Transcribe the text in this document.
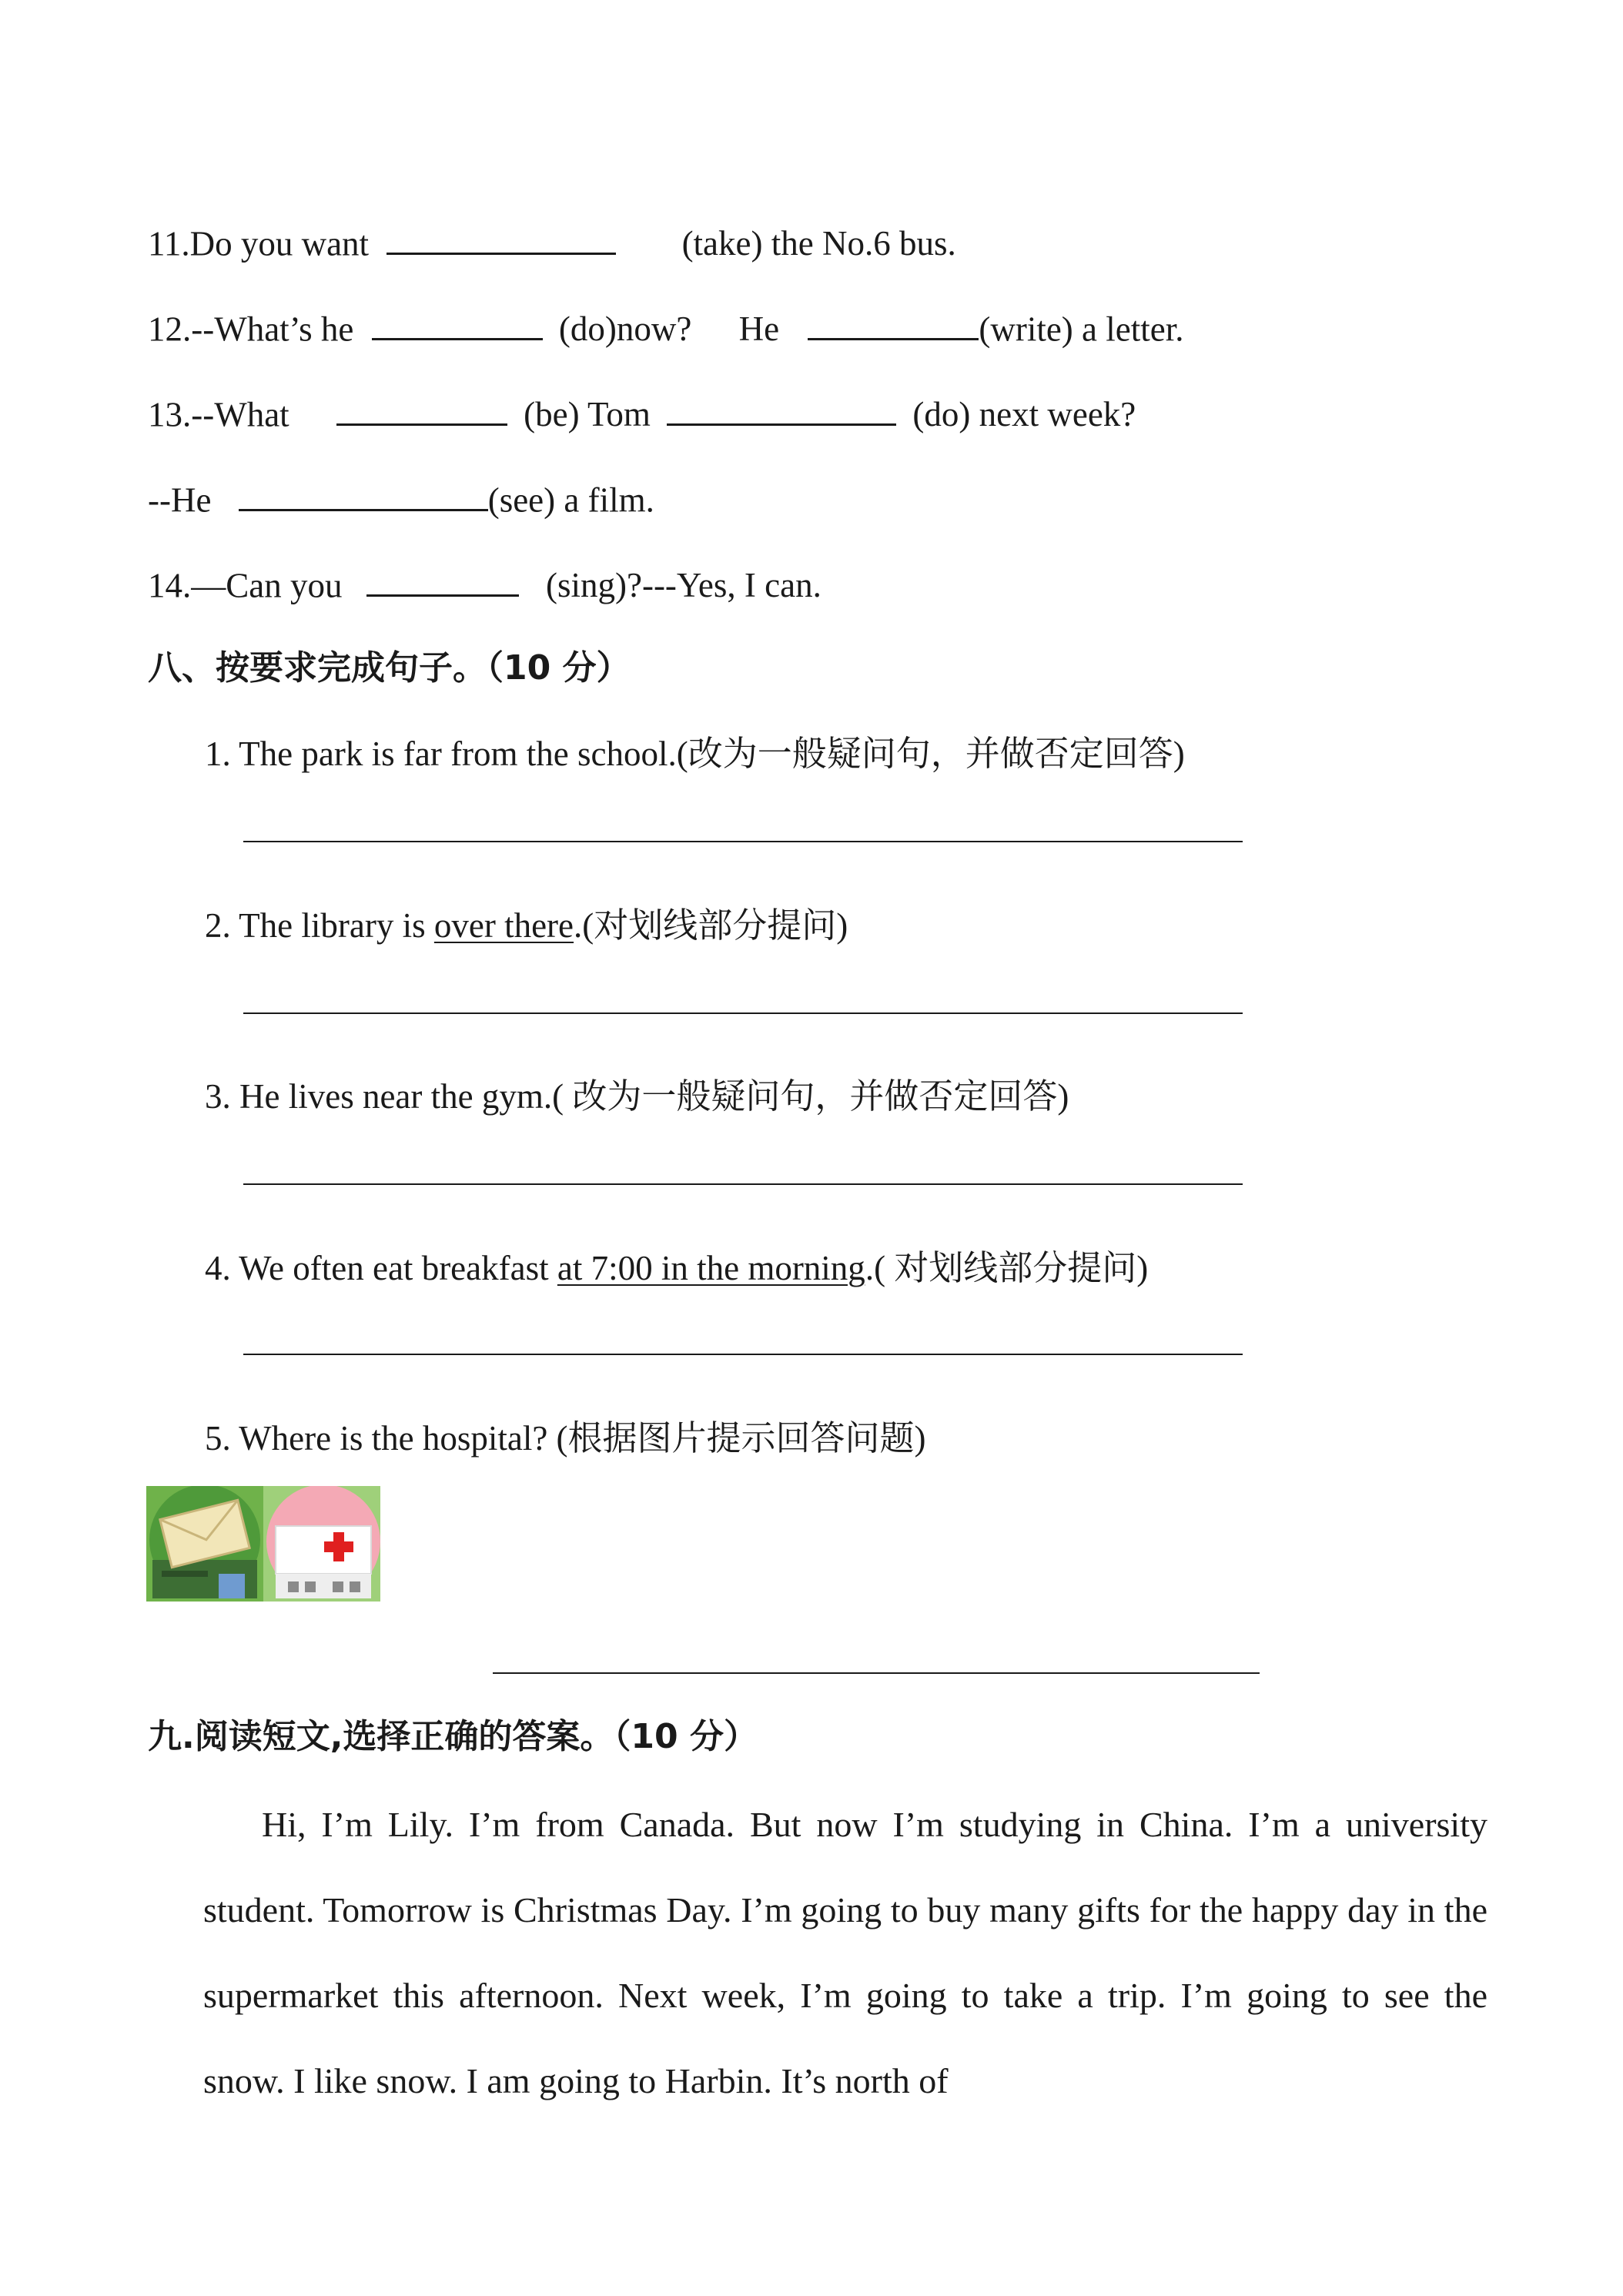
11.Do you want	(take) the No.6 bus.
12.--What’s he	(do)now? He	(write) a letter.
13.--What	(be) Tom	(do) next week?
--He	(see) a film.
14.—Can you	(sing)?---Yes, I can.
八、按要求完成句子。（10 分）
1. The park is far from the school.(改为一般疑问句，并做否定回答)
2. The library is over there.(对划线部分提问)
3. He lives near the gym.( 改为一般疑问句，并做否定回答)
4. We often eat breakfast at 7:00 in the morning.( 对划线部分提问)
5. Where is the hospital? (根据图片提示回答问题)
九.阅读短文,选择正确的答案。（10 分）
Hi, I’m Lily. I’m from Canada. But now I’m studying in China. I’m a university student. Tomorrow is Christmas Day. I’m going to buy many gifts for the happy day in the supermarket this afternoon. Next week, I’m going to take a trip. I’m going to see the snow. I like snow. I am going to Harbin. It’s north of
